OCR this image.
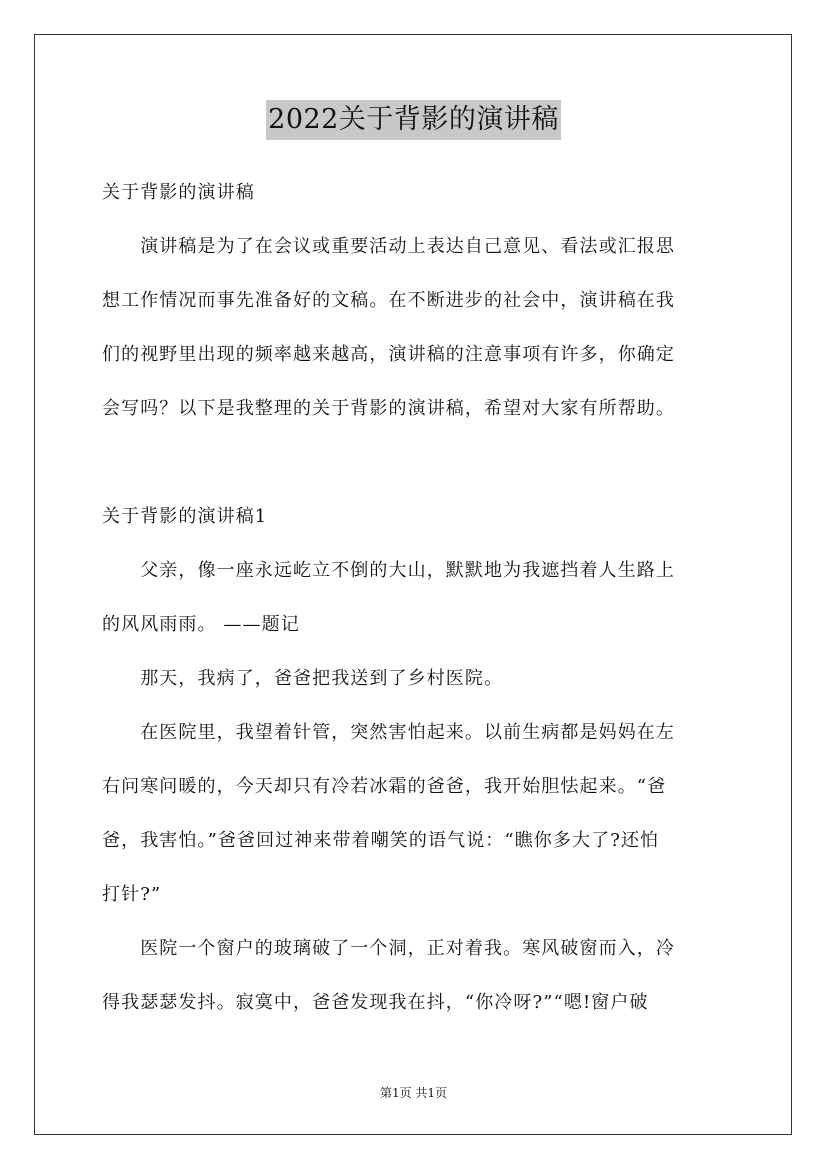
2022关于背影的演讲稿
关于背影的演讲稿
　　演讲稿是为了在会议或重要活动上表达自己意见、看法或汇报思
想工作情况而事先准备好的文稿。在不断进步的社会中，演讲稿在我
们的视野里出现的频率越来越高，演讲稿的注意事项有许多，你确定
会写吗？以下是我整理的关于背影的演讲稿，希望对大家有所帮助。
关于背影的演讲稿1
　　父亲，像一座永远屹立不倒的大山，默默地为我遮挡着人生路上
的风风雨雨。 ——题记
　　那天，我病了，爸爸把我送到了乡村医院。
　　在医院里，我望着针管，突然害怕起来。以前生病都是妈妈在左
右问寒问暖的，今天却只有冷若冰霜的爸爸，我开始胆怯起来。“爸
爸，我害怕。”爸爸回过神来带着嘲笑的语气说：“瞧你多大了?还怕
打针?”
　　医院一个窗户的玻璃破了一个洞，正对着我。寒风破窗而入，冷
得我瑟瑟发抖。寂寞中，爸爸发现我在抖，“你冷呀?”“嗯!窗户破
第1页 共1页
